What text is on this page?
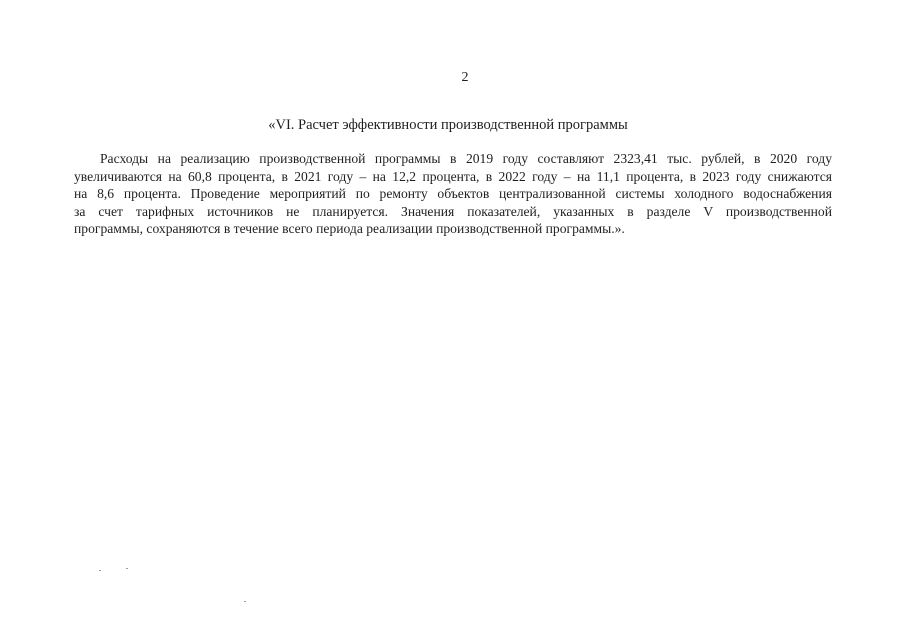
2
«VI. Расчет эффективности производственной программы
Расходы на реализацию производственной программы в 2019 году составляют 2323,41 тыс. рублей, в 2020 году
увеличиваются на 60,8 процента, в 2021 году – на 12,2 процента, в 2022 году – на 11,1 процента, в 2023 году снижаются
на 8,6 процента. Проведение мероприятий по ремонту объектов централизованной системы холодного водоснабжения
за счет тарифных источников не планируется. Значения показателей, указанных в разделе V производственной
программы, сохраняются в течение всего периода реализации производственной программы.».
